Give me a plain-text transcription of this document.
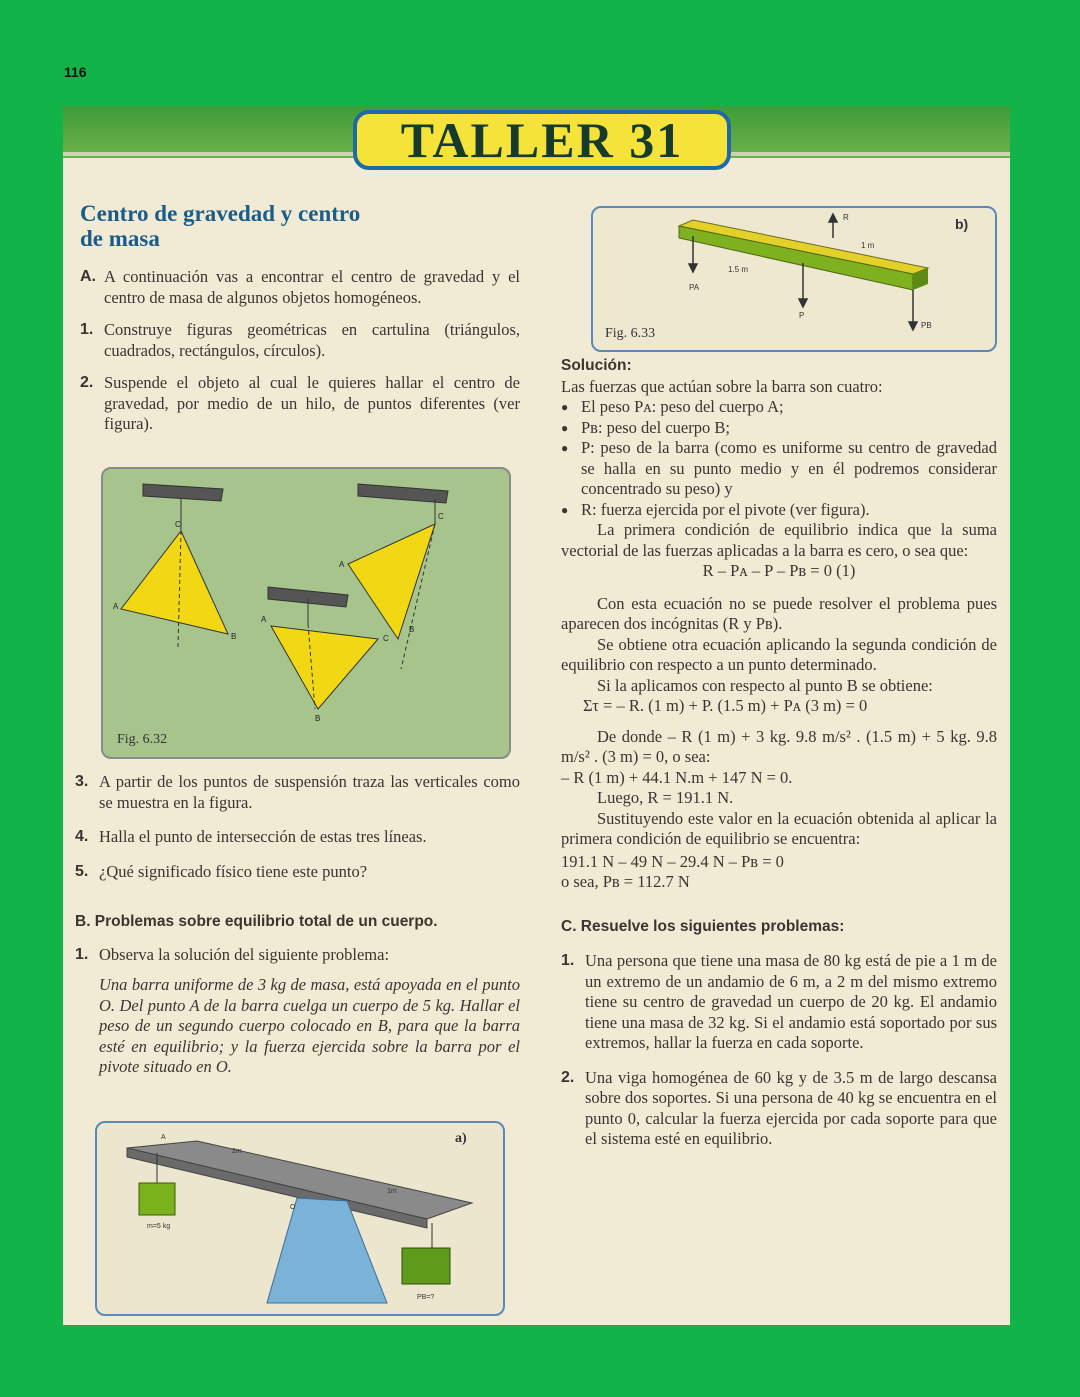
116
TALLER 31

Centro de gravedad y centro
de masa

A. A continuación vas a encontrar el centro de gravedad y el centro de masa de algunos objetos homogéneos.
1. Construye figuras geométricas en cartulina (triángulos, cuadrados, rectángulos, círculos).
2. Suspende el objeto al cual le quieres hallar el centro de gravedad, por medio de un hilo, de puntos diferentes (ver figura).
C
A
B
C
A
B
A
C
B
Fig. 6.32
3. A partir de los puntos de suspensión traza las verticales como se muestra en la figura.
4. Halla el punto de intersección de estas tres líneas.
5. ¿Qué significado físico tiene este punto?
B. Problemas sobre equilibrio total de un cuerpo.
1. Observa la solución del siguiente problema:
Una barra uniforme de 3 kg de masa, está apoyada en el punto O. Del punto A de la barra cuelga un cuerpo de 5 kg. Hallar el peso de un segundo cuerpo colocado en B, para que la barra esté en equilibrio; y la fuerza ejercida sobre la barra por el pivote situado en O.
A
2m
1m
O
m=5 kg
PB=?
a)
R
1 m
1.5 m
PA
P
PB
Fig. 6.33
b)
Solución:
Las fuerzas que actúan sobre la barra son cuatro:
● El peso Pᴀ: peso del cuerpo A;
● Pʙ: peso del cuerpo B;
● P: peso de la barra (como es uniforme su centro de gravedad se halla en su punto medio y en él podremos considerar concentrado su peso) y
● R: fuerza ejercida por el pivote (ver figura).
La primera condición de equilibrio indica que la suma vectorial de las fuerzas aplicadas a la barra es cero, o sea que:
R – Pᴀ – P – Pʙ = 0 (1)
Con esta ecuación no se puede resolver el problema pues aparecen dos incógnitas (R y Pʙ).
Se obtiene otra ecuación aplicando la segunda condición de equilibrio con respecto a un punto determinado.
Si la aplicamos con respecto al punto B se obtiene:
Στ = – R. (1 m) + P. (1.5 m) + Pᴀ (3 m) = 0
De donde – R (1 m) + 3 kg. 9.8 m/s² . (1.5 m) + 5 kg. 9.8 m/s² . (3 m) = 0, o sea:
– R (1 m) + 44.1 N.m + 147 N = 0.
Luego, R = 191.1 N.
Sustituyendo este valor en la ecuación obtenida al aplicar la primera condición de equilibrio se encuentra:
191.1 N – 49 N – 29.4 N – Pʙ = 0
o sea, Pʙ = 112.7 N
C. Resuelve los siguientes problemas:
1. Una persona que tiene una masa de 80 kg está de pie a 1 m de un extremo de un andamio de 6 m, a 2 m del mismo extremo tiene su centro de gravedad un cuerpo de 20 kg. El andamio tiene una masa de 32 kg. Si el andamio está soportado por sus extremos, hallar la fuerza en cada soporte.
2. Una viga homogénea de 60 kg y de 3.5 m de largo descansa sobre dos soportes. Si una persona de 40 kg se encuentra en el punto 0, calcular la fuerza ejercida por cada soporte para que el sistema esté en equilibrio.
